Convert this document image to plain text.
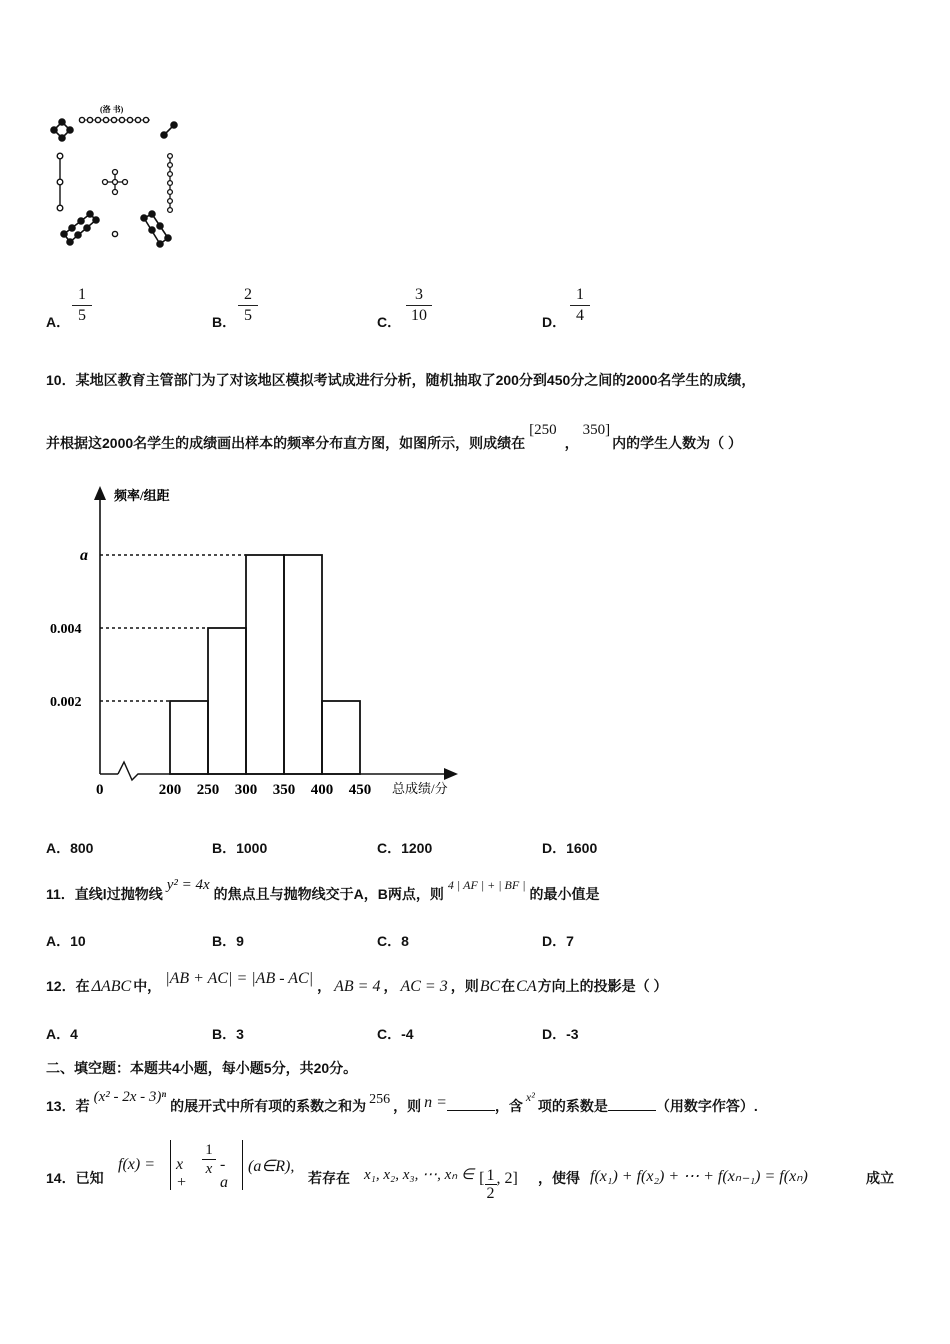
(洛 书)
A．
1
5	B．
2
5	C．
3
10	D．
1
4
10．某地区教育主管部门为了对该地区模拟考试成进行分析，随机抽取了200分到450分之间的2000名学生的成绩，
并根据这2000名学生的成绩画出样本的频率分布直方图，如图所示，则成绩在[250，350]内的学生人数为（ ）
频率/组距
总成绩/分
0
0.002
0.004
a
200 250 300 350 400 450
A．800	B．1000	C．1200	D．1600
11．直线l过抛物线y² = 4x的焦点且与抛物线交于A，B两点，则4 | AF | + | BF |的最小值是
A．10	B．9	C．8	D．7
12．在 ΔABC 中， |AB + AC| = |AB - AC| ， AB = 4 ， AC = 3 ，则BC在CA方向上的投影是（ ）
A．4	B．3	C．-4	D．-3
二、填空题：本题共4小题，每小题5分，共20分。
13．若(x² - 2x - 3)ⁿ的展开式中所有项的系数之和为 256 ，则 n =	，含x²项的系数是	（用数字作答）.
14．已知
f(x) = x +
1
x - a
(a∈R),
若存在 x₁, x₂, x₃, ⋯, xₙ ∈ [ $\frac{1}{2}$ , 2] ，使得 f(x₁) + f(x₂) + ⋯ + f(xₙ₋₁) = f(xₙ)	成立
